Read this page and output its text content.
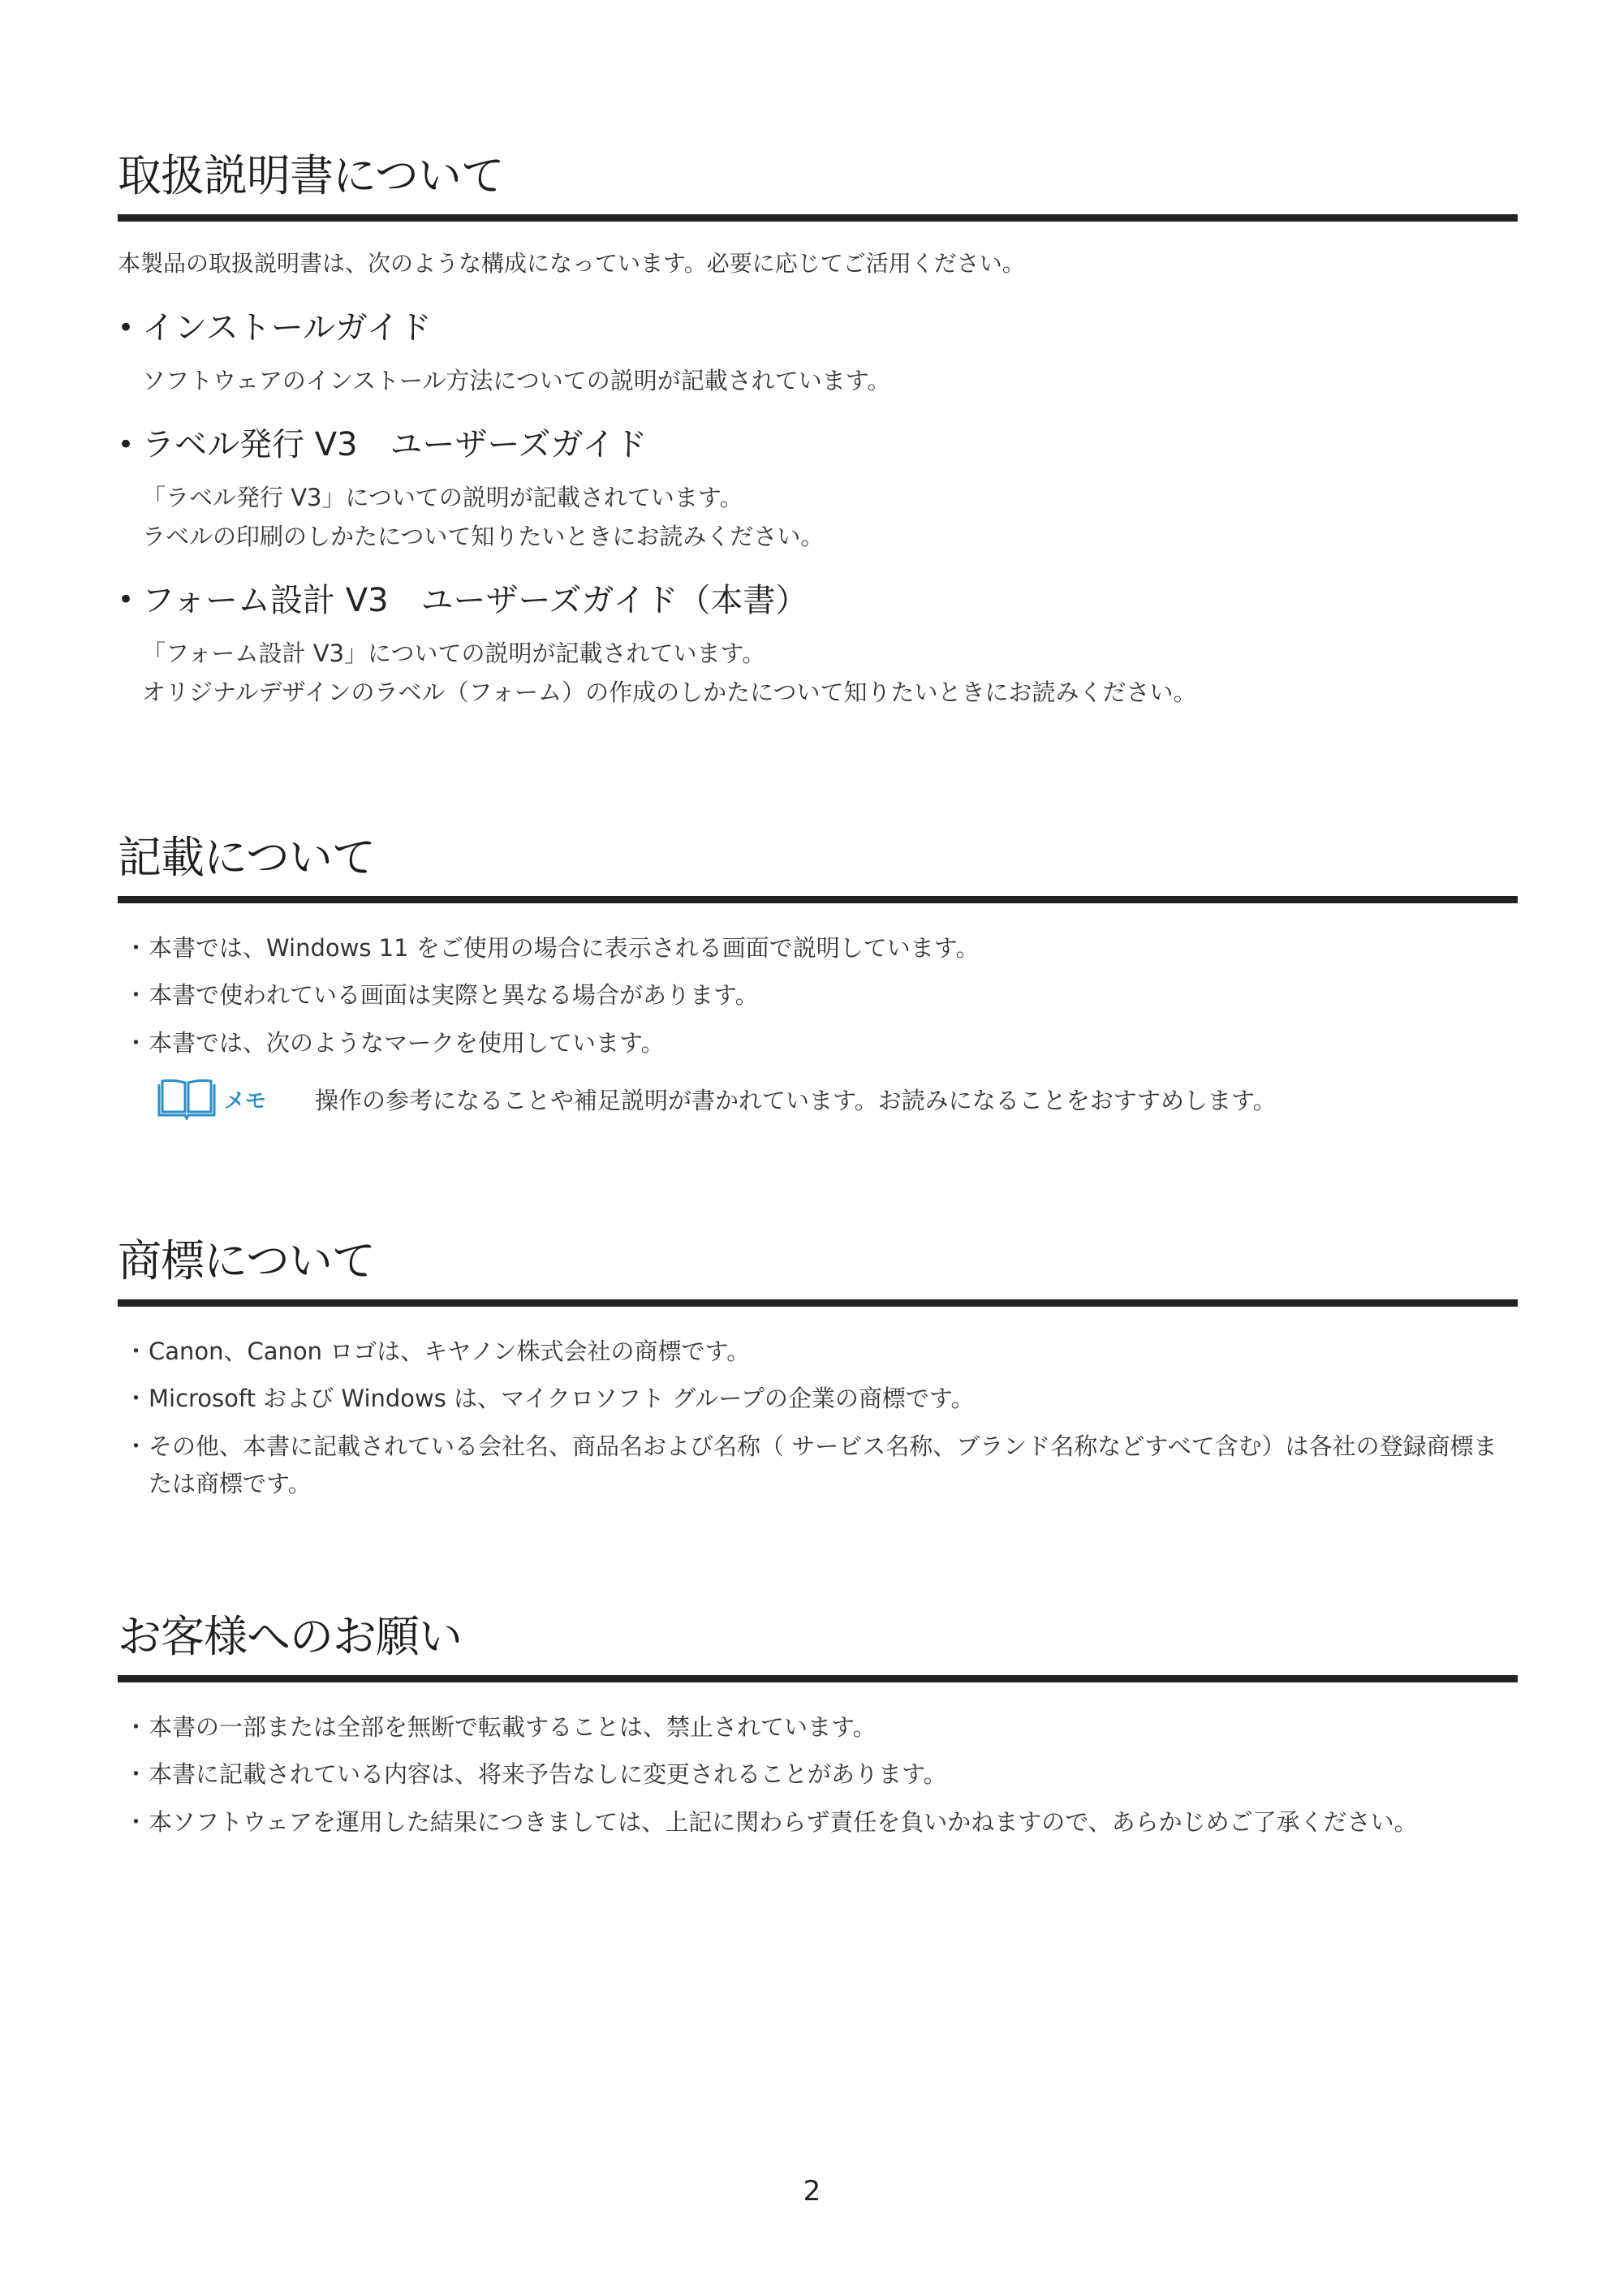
取扱説明書について

本製品の取扱説明書は、次のような構成になっています。必要に応じてご活用ください。

• インストールガイド
ソフトウェアのインストール方法についての説明が記載されています。
• ラベル発行 V3　ユーザーズガイド
「ラベル発行 V3」についての説明が記載されています。
ラベルの印刷のしかたについて知りたいときにお読みください。
• フォーム設計 V3　ユーザーズガイド（本書）
「フォーム設計 V3」についての説明が記載されています。
オリジナルデザインのラベル（フォーム）の作成のしかたについて知りたいときにお読みください。
記載について
・ 本書では、Windows 11 をご使用の場合に表示される画面で説明しています。
・ 本書で使われている画面は実際と異なる場合があります。
・ 本書では、次のようなマークを使用しています。
メモ 操作の参考になることや補足説明が書かれています。お読みになることをおすすめします。
商標について
・ Canon、Canon ロゴは、キヤノン株式会社の商標です。
・ Microsoft および Windows は、マイクロソフト グループの企業の商標です。
・ その他、本書に記載されている会社名、商品名および名称（ サービス名称、ブランド名称などすべて含む）は各社の登録商標または商標です。
お客様へのお願い
・ 本書の一部または全部を無断で転載することは、禁止されています。
・ 本書に記載されている内容は、将来予告なしに変更されることがあります。
・ 本ソフトウェアを運用した結果につきましては、上記に関わらず責任を負いかねますので、あらかじめご了承ください。
2
